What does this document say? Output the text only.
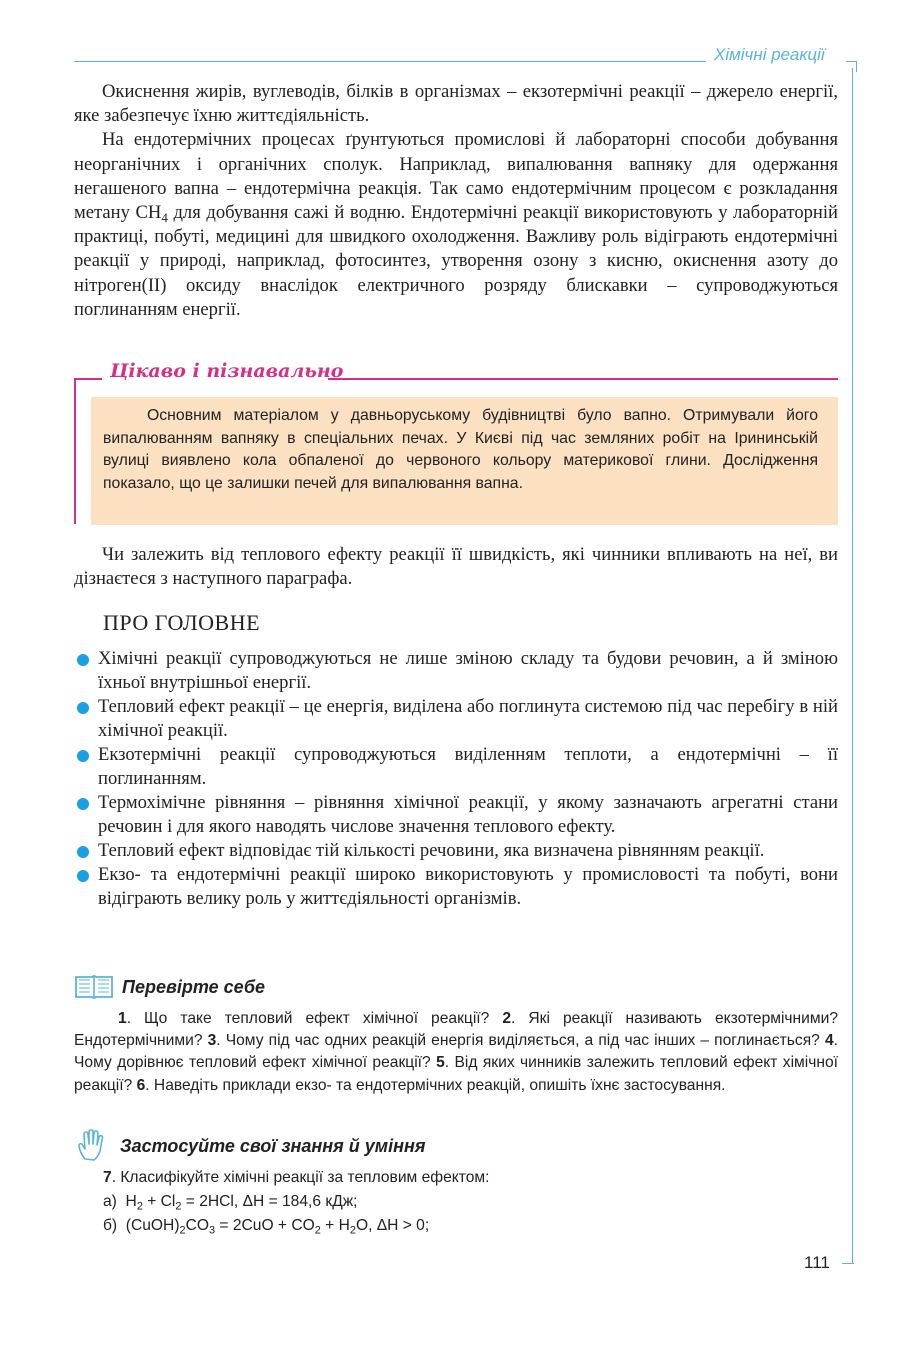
Хімічні реакції

Окиснення жирів, вуглеводів, білків в організмах – екзотермічні реакції – джерело енергії, яке забезпечує їхню життєдіяльність.

На ендотермічних процесах ґрунтуються промислові й лабораторні способи добування неорганічних і органічних сполук. Наприклад, випалювання вапняку для одержання негашеного вапна – ендотермічна реакція. Так само ендотермічним процесом є розкладання метану $CH_4$ для добування сажі й водню. Ендотермічні реакції використовують у лабораторній практиці, побуті, медицині для швидкого охолодження. Важливу роль відіграють ендотермічні реакції у природі, наприклад, фотосинтез, утворення озону з кисню, окиснення азоту до нітроген(ІІ) оксиду внаслідок електричного розряду блискавки – супроводжуються поглинанням енергії.

Цікаво і пізнавально
Основним матеріалом у давньоруському будівництві було вапно. Отримували його випалюванням вапняку в спеціальних печах. У Києві під час земляних робіт на Ірининській вулиці виявлено кола обпаленої до червоного кольору материкової глини. Дослідження показало, що це залишки печей для випалювання вапна.

Чи залежить від теплового ефекту реакції її швидкість, які чинники впливають на неї, ви дізнаєтеся з наступного параграфа.

ПРО ГОЛОВНЕ
Хімічні реакції супроводжуються не лише зміною складу та будови речовин, а й зміною їхньої внутрішньої енергії.
Тепловий ефект реакції – це енергія, виділена або поглинута системою під час перебігу в ній хімічної реакції.
Екзотермічні реакції супроводжуються виділенням теплоти, а ендотермічні – її поглинанням.
Термохімічне рівняння – рівняння хімічної реакції, у якому зазначають агрегатні стани речовин і для якого наводять числове значення теплового ефекту.
Тепловий ефект відповідає тій кількості речовини, яка визначена рівнянням реакції.
Екзо- та ендотермічні реакції широко використовують у промисловості та побуті, вони відіграють велику роль у життєдіяльності організмів.
Перевірте себе
1. Що таке тепловий ефект хімічної реакції? 2. Які реакції називають екзотермічними? Ендотермічними? 3. Чому під час одних реакцій енергія виділяється, а під час інших – поглинається? 4. Чому дорівнює тепловий ефект хімічної реакції? 5. Від яких чинників залежить тепловий ефект хімічної реакції? 6. Наведіть приклади екзо- та ендотермічних реакцій, опишіть їхнє застосування.
Застосуйте свої знання й уміння
7. Класифікуйте хімічні реакції за тепловим ефектом:
а) $H_2 + Cl_2 = 2HCl$, ΔH = 184,6 кДж;
б) $(CuOH)_2CO_3 = 2CuO + CO_2 + H_2O$, ΔH > 0;
111
